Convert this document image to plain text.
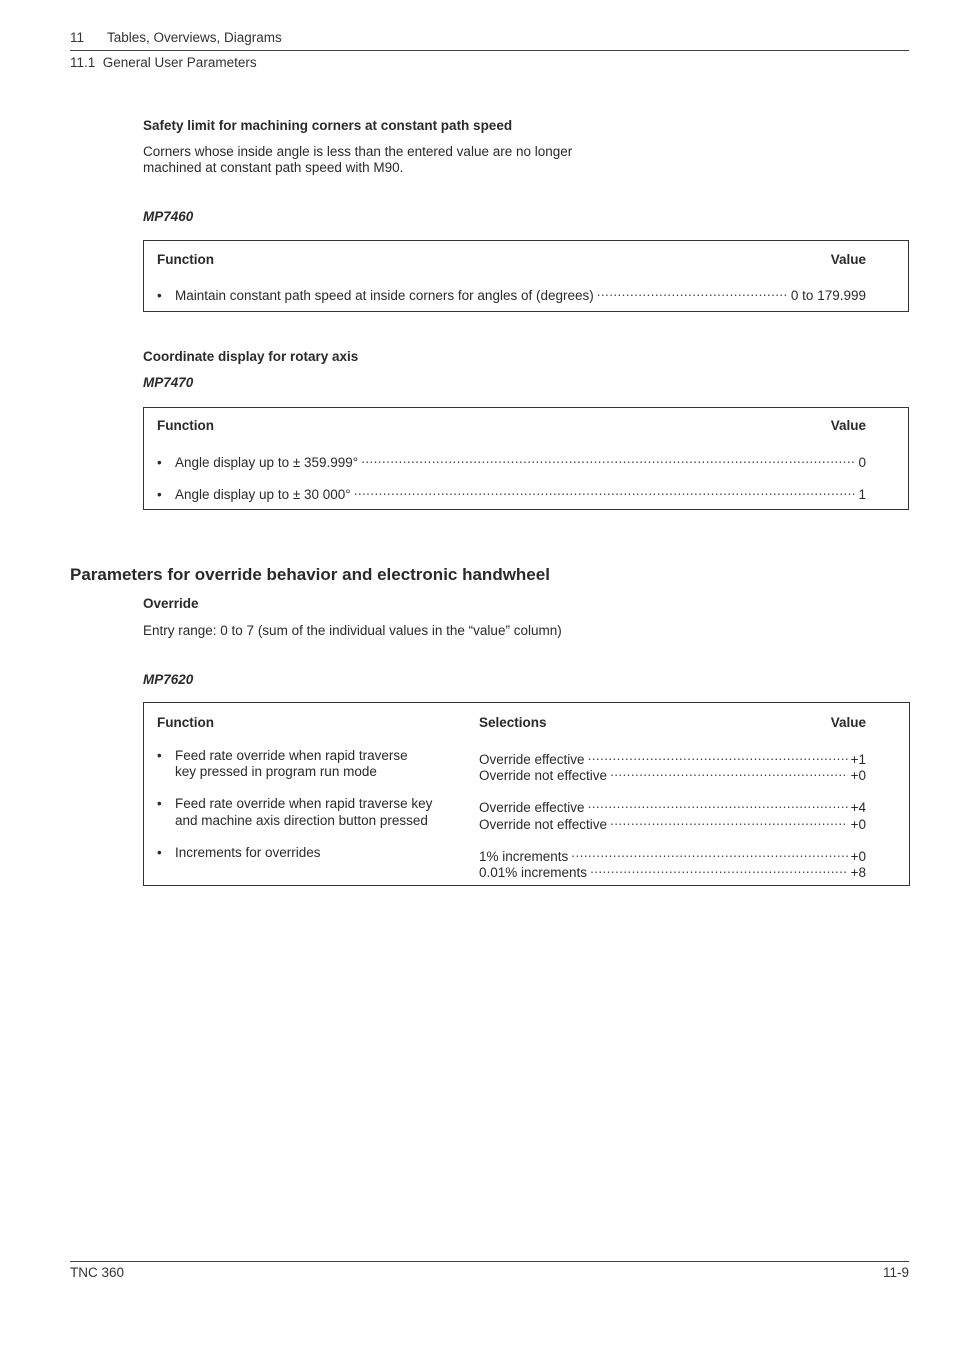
11 Tables, Overviews, Diagrams
11.1  General User Parameters
Safety limit for machining corners at constant path speed
Corners whose inside angle is less than the entered value are no longer
machined at constant path speed with M90.
MP7460
Function	Value
• Maintain constant path speed at inside corners for angles of (degrees) .....	0 to 179.999
Coordinate display for rotary axis
MP7470
Function	Value
• Angle display up to ± 359.999° .....	0
• Angle display up to ± 30 000° .....	1
Parameters for override behavior and electronic handwheel
Override
Entry range: 0 to 7 (sum of the individual values in the “value” column)
MP7620
Function	Selections	Value
• Feed rate override when rapid traverse
key pressed in program run mode
Override effective .....	+1
Override not effective .....	+0
• Feed rate override when rapid traverse key
and machine axis direction button pressed
Override effective .....	+4
Override not effective .....	+0
• Increments for overrides	1% increments .....	+0
0.01% increments .....	+8
TNC 360	11-9
